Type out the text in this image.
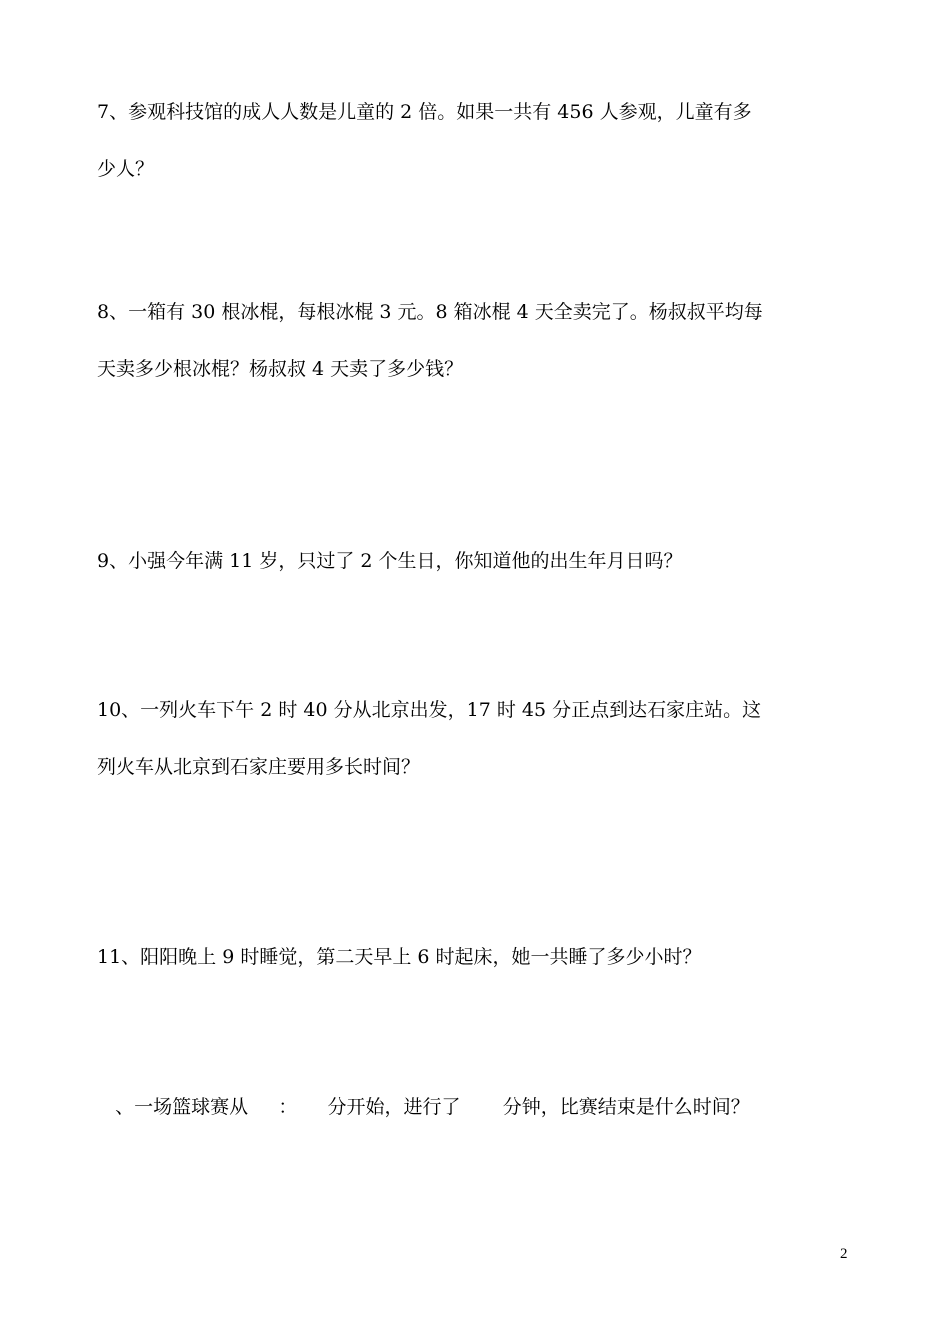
7、参观科技馆的成人人数是儿童的 2 倍。如果一共有 456 人参观，儿童有多
少人？
8、一箱有 30 根冰棍，每根冰棍 3 元。8 箱冰棍 4 天全卖完了。杨叔叔平均每
天卖多少根冰棍？杨叔叔 4 天卖了多少钱？
9、小强今年满 11 岁，只过了 2 个生日，你知道他的出生年月日吗？
10、一列火车下午 2 时 40 分从北京出发，17 时 45 分正点到达石家庄站。这
列火车从北京到石家庄要用多长时间？
11、阳阳晚上 9 时睡觉，第二天早上 6 时起床，她一共睡了多少小时？
、一场篮球赛从     ：     分开始，进行了       分钟，比赛结束是什么时间？
2
